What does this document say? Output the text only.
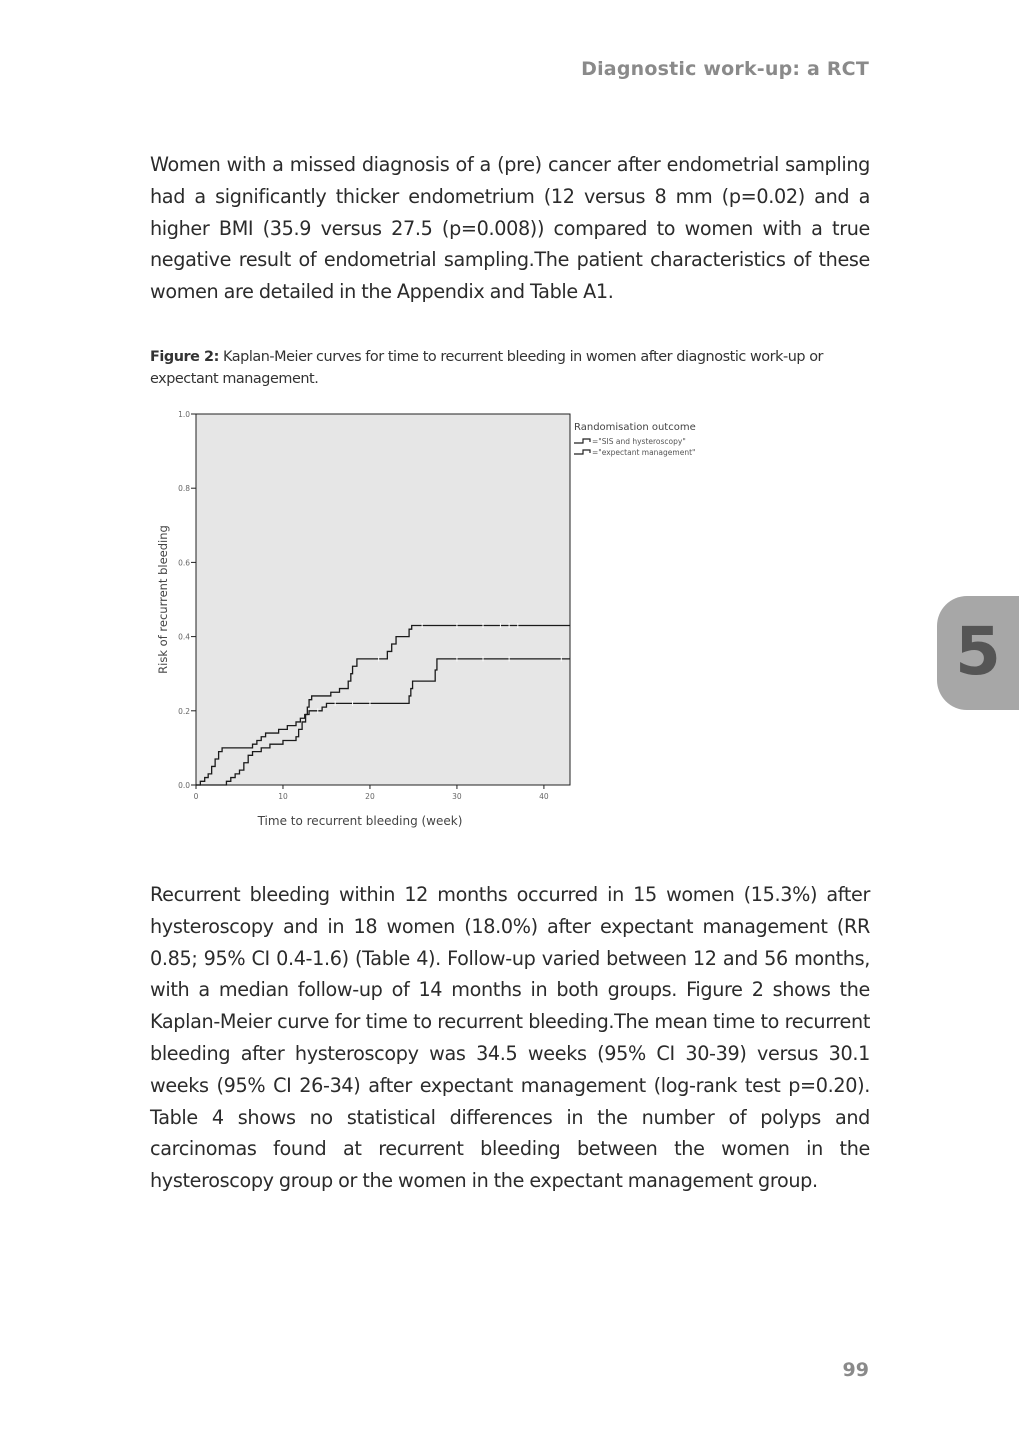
Diagnostic work-up: a RCT

Women with a missed diagnosis of a (pre) cancer after endometrial sampling had a significantly thicker endometrium (12 versus 8 mm (p=0.02) and a higher BMI (35.9 versus 27.5 (p=0.008)) compared to women with a true negative result of endometrial sampling.The patient characteristics of these women are detailed in the Appendix and Table A1.

Figure 2: Kaplan-Meier curves for time to recurrent bleeding in women after diagnostic work-up or expectant management.

0.0
0.2
0.4
0.6
0.8
1.0
0	10	20	30	40
Risk of recurrent bleeding
Time to recurrent bleeding (week)
Randomisation outcome
="SIS and hysteroscopy"
="expectant management"

Recurrent bleeding within 12 months occurred in 15 women (15.3%) after hysteroscopy and in 18 women (18.0%) after expectant management (RR 0.85; 95% CI 0.4-1.6) (Table 4). Follow-up varied between 12 and 56 months, with a median follow-up of 14 months in both groups. Figure 2 shows the Kaplan-Meier curve for time to recurrent bleeding.The mean time to recurrent bleeding after hysteroscopy was 34.5 weeks (95% CI 30-39) versus 30.1 weeks (95% CI 26-34) after expectant management (log-rank test p=0.20). Table 4 shows no statistical differences in the number of polyps and carcinomas found at recurrent bleeding between the women in the hysteroscopy group or the women in the expectant management group.

5
99
